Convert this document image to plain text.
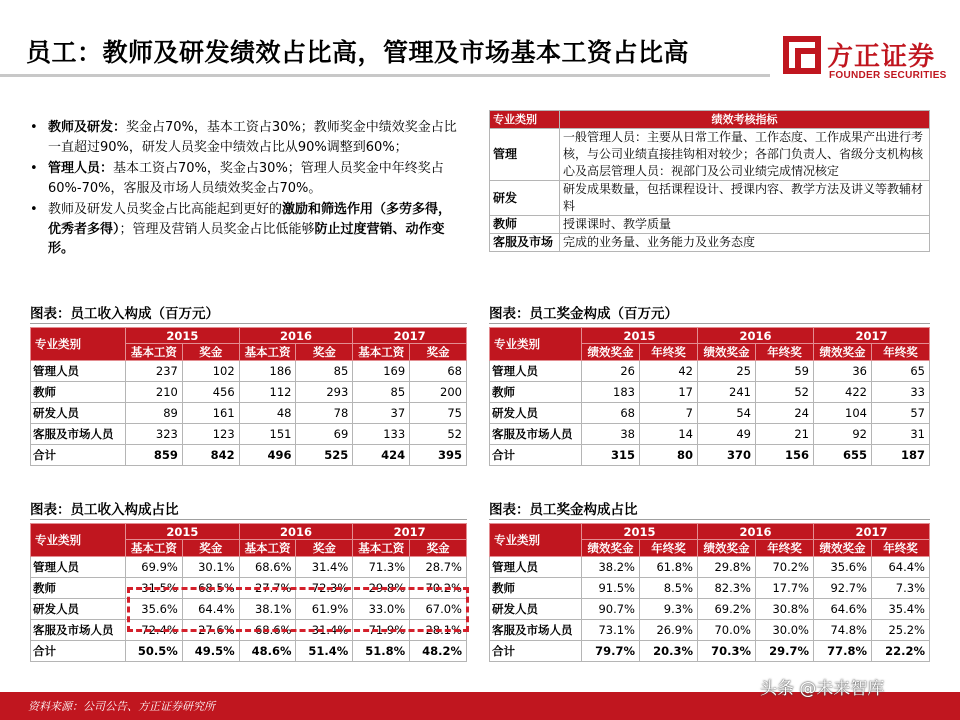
员工：教师及研发绩效占比高，管理及市场基本工资占比高	方正证券
FOUNDER SECURITIES
• 教师及研发：奖金占70%，基本工资占30%；教师奖金中绩效奖金占比一直超过90%，研发人员奖金中绩效占比从90%调整到60%；
• 管理人员：基本工资占70%，奖金占30%；管理人员奖金中年终奖占60%-70%，客服及市场人员绩效奖金占70%。
• 教师及研发人员奖金占比高能起到更好的激励和筛选作用（多劳多得，优秀者多得）；管理及营销人员奖金占比低能够防止过度营销、动作变形。
专业类别	绩效考核指标
管理	一般管理人员：主要从日常工作量、工作态度、工作成果产出进行考核，与公司业绩直接挂钩相对较少；各部门负责人、省级分支机构核心及高层管理人员：视部门及公司业绩完成情况核定
研发	研发成果数量，包括课程设计、授课内容、教学方法及讲义等教辅材料
教师	授课课时、教学质量
客服及市场	完成的业务量、业务能力及业务态度
图表：员工收入构成（百万元）	图表：员工奖金构成（百万元）
图表：员工收入构成占比	图表：员工奖金构成占比
专业类别	2015		2016		2017	
	基本工资	奖金	基本工资	奖金	基本工资	奖金
管理人员	237	102	186	85	169	68
教师	210	456	112	293	85	200
研发人员	89	161	48	78	37	75
客服及市场人员	323	123	151	69	133	52
合计	859	842	496	525	424	395
专业类别	2015		2016		2017	
	绩效奖金	年终奖	绩效奖金	年终奖	绩效奖金	年终奖
管理人员	26	42	25	59	36	65
教师	183	17	241	52	422	33
研发人员	68	7	54	24	104	57
客服及市场人员	38	14	49	21	92	31
合计	315	80	370	156	655	187
专业类别	2015		2016		2017	
	基本工资	奖金	基本工资	奖金	基本工资	奖金
管理人员	69.9%	30.1%	68.6%	31.4%	71.3%	28.7%
教师	31.5%	68.5%	27.7%	72.3%	29.8%	70.2%
研发人员	35.6%	64.4%	38.1%	61.9%	33.0%	67.0%
客服及市场人员	72.4%	27.6%	68.6%	31.4%	71.9%	28.1%
合计	50.5%	49.5%	48.6%	51.4%	51.8%	48.2%
专业类别	2015		2016		2017	
	绩效奖金	年终奖	绩效奖金	年终奖	绩效奖金	年终奖
管理人员	38.2%	61.8%	29.8%	70.2%	35.6%	64.4%
教师	91.5%	8.5%	82.3%	17.7%	92.7%	7.3%
研发人员	90.7%	9.3%	69.2%	30.8%	64.6%	35.4%
客服及市场人员	73.1%	26.9%	70.0%	30.0%	74.8%	25.2%
合计	79.7%	20.3%	70.3%	29.7%	77.8%	22.2%
资料来源：公司公告、方正证券研究所
头条 @未来智库
